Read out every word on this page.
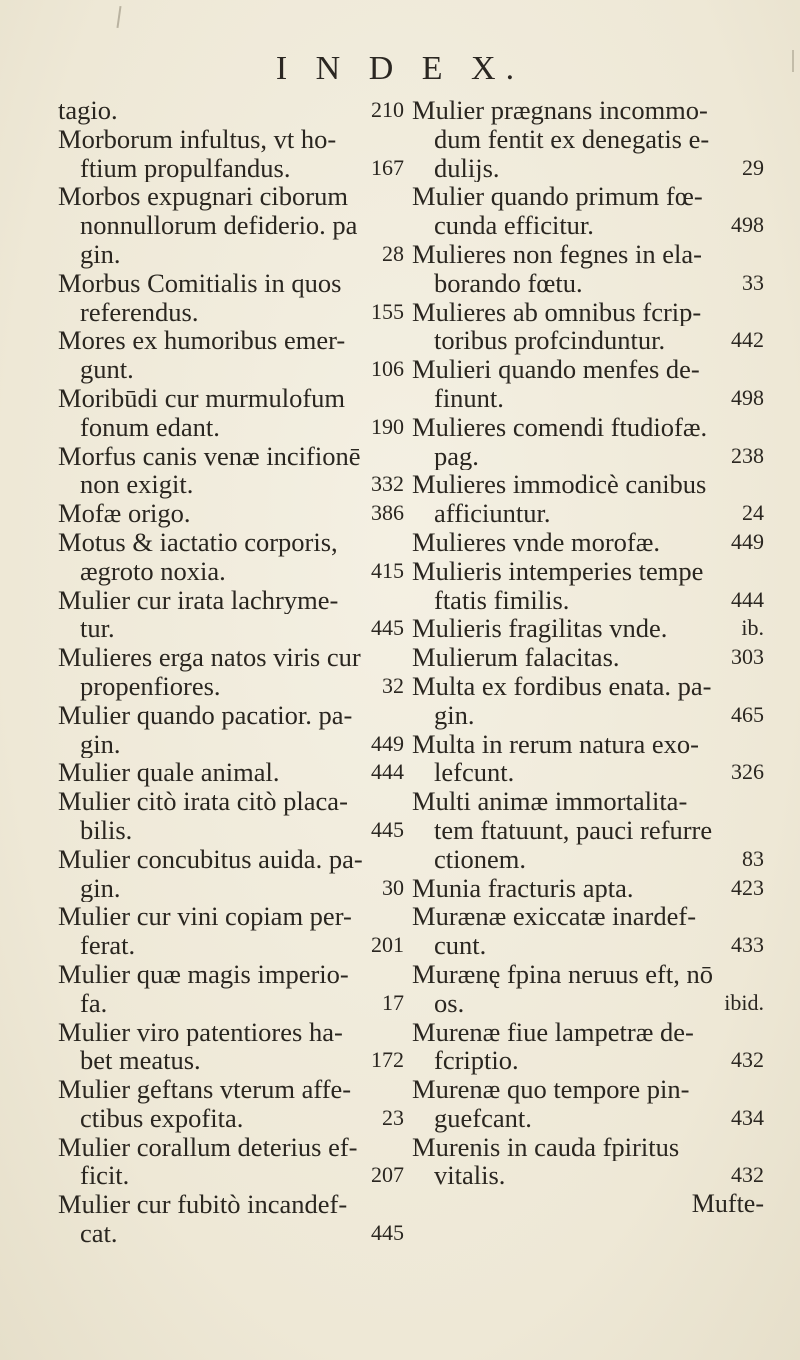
I N D E X.
tagio.	210
Morborum infultus, vt ho-
ftium propulfandus.	167
Morbos expugnari ciborum
nonnullorum defiderio. pa
gin.	28
Morbus Comitialis in quos
referendus.	155
Mores ex humoribus emer-
gunt.	106
Moribūdi cur murmulofum
fonum edant.	190
Morfus canis venæ incifionē
non exigit.	332
Mofæ origo.	386
Motus & iactatio corporis,
ægroto noxia.	415
Mulier cur irata lachryme-
tur.	445
Mulieres erga natos viris cur
propenfiores.	32
Mulier quando pacatior. pa-
gin.	449
Mulier quale animal.	444
Mulier citò irata citò placa-
bilis.	445
Mulier concubitus auida. pa-
gin.	30
Mulier cur vini copiam per-
ferat.	201
Mulier quæ magis imperio-
fa.	17
Mulier viro patentiores ha-
bet meatus.	172
Mulier geftans vterum affe-
ctibus expofita.	23
Mulier corallum deterius ef-
ficit.	207
Mulier cur fubitò incandef-
cat.	445
Mulier prægnans incommo-
dum fentit ex denegatis e-
dulijs.	29
Mulier quando primum fœ-
cunda efficitur.	498
Mulieres non fegnes in ela-
borando fœtu.	33
Mulieres ab omnibus fcrip-
toribus profcinduntur.	442
Mulieri quando menfes de-
finunt.	498
Mulieres comendi ftudiofæ.
pag.	238
Mulieres immodicè canibus
afficiuntur.	24
Mulieres vnde morofæ.	449
Mulieris intemperies tempe
ftatis fimilis.	444
Mulieris fragilitas vnde.	ib.
Mulierum falacitas.	303
Multa ex fordibus enata. pa-
gin.	465
Multa in rerum natura exo-
lefcunt.	326
Multi animæ immortalita-
tem ftatuunt, pauci refurre
ctionem.	83
Munia fracturis apta.	423
Murænæ exiccatæ inardef-
cunt.	433
Murænę fpina neruus eft, nō
os.	ibid.
Murenæ fiue lampetræ de-
fcriptio.	432
Murenæ quo tempore pin-
guefcant.	434
Murenis in cauda fpiritus
vitalis.	432
Mufte-
